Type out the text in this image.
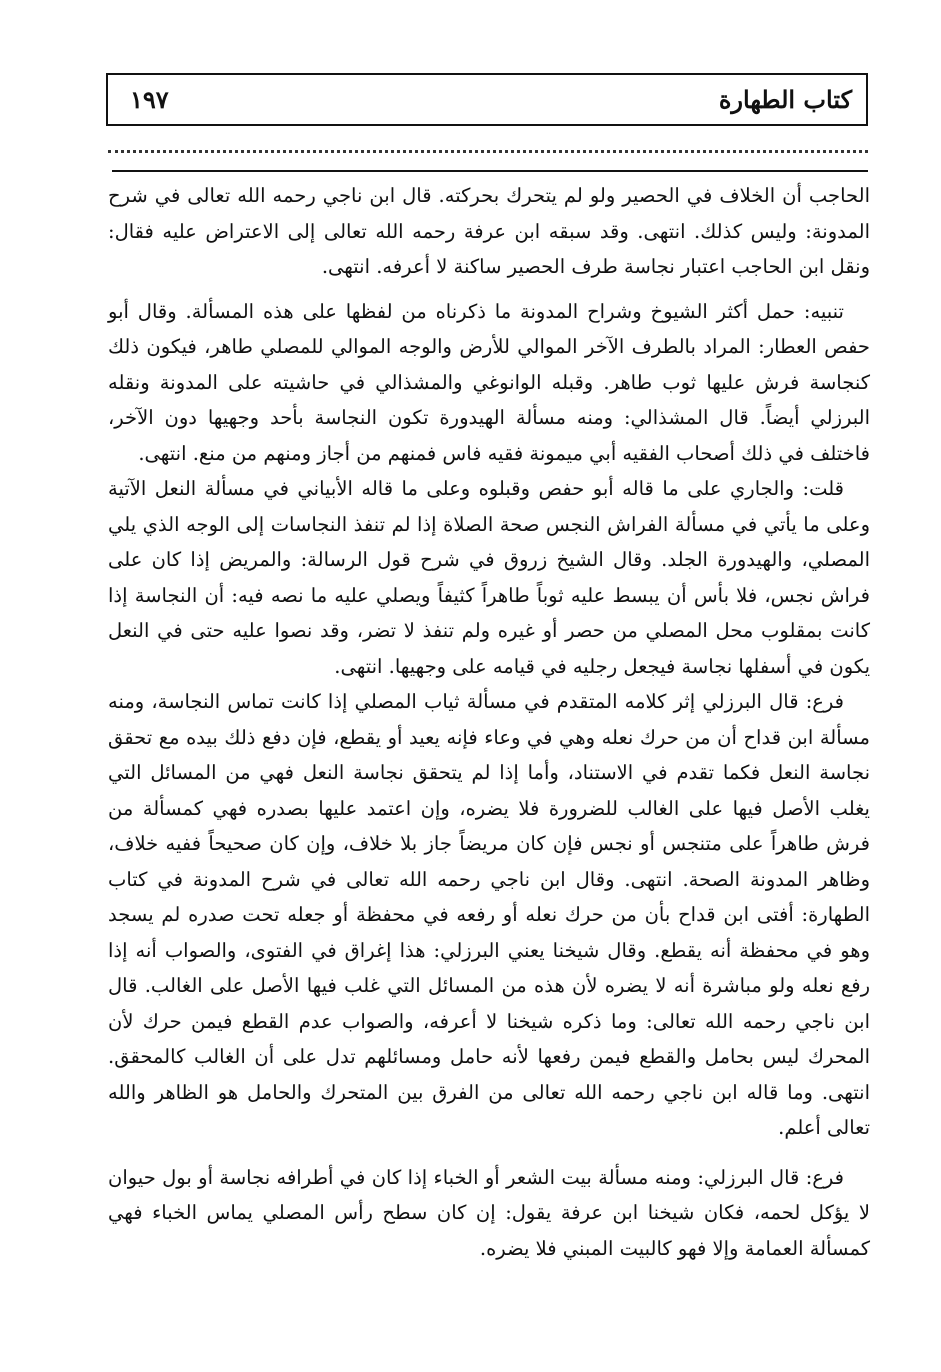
كتاب الطهارة
١٩٧

الحاجب أن الخلاف في الحصير ولو لم يتحرك بحركته. قال ابن ناجي رحمه الله تعالى في شرح المدونة: وليس كذلك. انتهى. وقد سبقه ابن عرفة رحمه الله تعالى إلى الاعتراض عليه فقال: ونقل ابن الحاجب اعتبار نجاسة طرف الحصير ساكنة لا أعرفه. انتهى.

تنبيه: حمل أكثر الشيوخ وشراح المدونة ما ذكرناه من لفظها على هذه المسألة. وقال أبو حفص العطار: المراد بالطرف الآخر الموالي للأرض والوجه الموالي للمصلي طاهر، فيكون ذلك كنجاسة فرش عليها ثوب طاهر. وقبله الوانوغي والمشذالي في حاشيته على المدونة ونقله البرزلي أيضاً. قال المشذالي: ومنه مسألة الهيدورة تكون النجاسة بأحد وجهيها دون الآخر، فاختلف في ذلك أصحاب الفقيه أبي ميمونة فقيه فاس فمنهم من أجاز ومنهم من منع. انتهى.

قلت: والجاري على ما قاله أبو حفص وقبلوه وعلى ما قاله الأبياني في مسألة النعل الآتية وعلى ما يأتي في مسألة الفراش النجس صحة الصلاة إذا لم تنفذ النجاسات إلى الوجه الذي يلي المصلي، والهيدورة الجلد. وقال الشيخ زروق في شرح قول الرسالة: والمريض إذا كان على فراش نجس، فلا بأس أن يبسط عليه ثوباً طاهراً كثيفاً ويصلي عليه ما نصه فيه: أن النجاسة إذا كانت بمقلوب محل المصلي من حصر أو غيره ولم تنفذ لا تضر، وقد نصوا عليه حتى في النعل يكون في أسفلها نجاسة فيجعل رجليه في قيامه على وجهيها. انتهى.

فرع: قال البرزلي إثر كلامه المتقدم في مسألة ثياب المصلي إذا كانت تماس النجاسة، ومنه مسألة ابن قداح أن من حرك نعله وهي في وعاء فإنه يعيد أو يقطع، فإن دفع ذلك بيده مع تحقق نجاسة النعل فكما تقدم في الاستناد، وأما إذا لم يتحقق نجاسة النعل فهي من المسائل التي يغلب الأصل فيها على الغالب للضرورة فلا يضره، وإن اعتمد عليها بصدره فهي كمسألة من فرش طاهراً على متنجس أو نجس فإن كان مريضاً جاز بلا خلاف، وإن كان صحيحاً ففيه خلاف، وظاهر المدونة الصحة. انتهى. وقال ابن ناجي رحمه الله تعالى في شرح المدونة في كتاب الطهارة: أفتى ابن قداح بأن من حرك نعله أو رفعه في محفظة أو جعله تحت صدره لم يسجد وهو في محفظة أنه يقطع. وقال شيخنا يعني البرزلي: هذا إغراق في الفتوى، والصواب أنه إذا رفع نعله ولو مباشرة أنه لا يضره لأن هذه من المسائل التي غلب فيها الأصل على الغالب. قال ابن ناجي رحمه الله تعالى: وما ذكره شيخنا لا أعرفه، والصواب عدم القطع فيمن حرك لأن المحرك ليس بحامل والقطع فيمن رفعها لأنه حامل ومسائلهم تدل على أن الغالب كالمحقق. انتهى. وما قاله ابن ناجي رحمه الله تعالى من الفرق بين المتحرك والحامل هو الظاهر والله تعالى أعلم.

فرع: قال البرزلي: ومنه مسألة بيت الشعر أو الخباء إذا كان في أطرافه نجاسة أو بول حيوان لا يؤكل لحمه، فكان شيخنا ابن عرفة يقول: إن كان سطح رأس المصلي يماس الخباء فهي كمسألة العمامة وإلا فهو كالبيت المبني فلا يضره.
